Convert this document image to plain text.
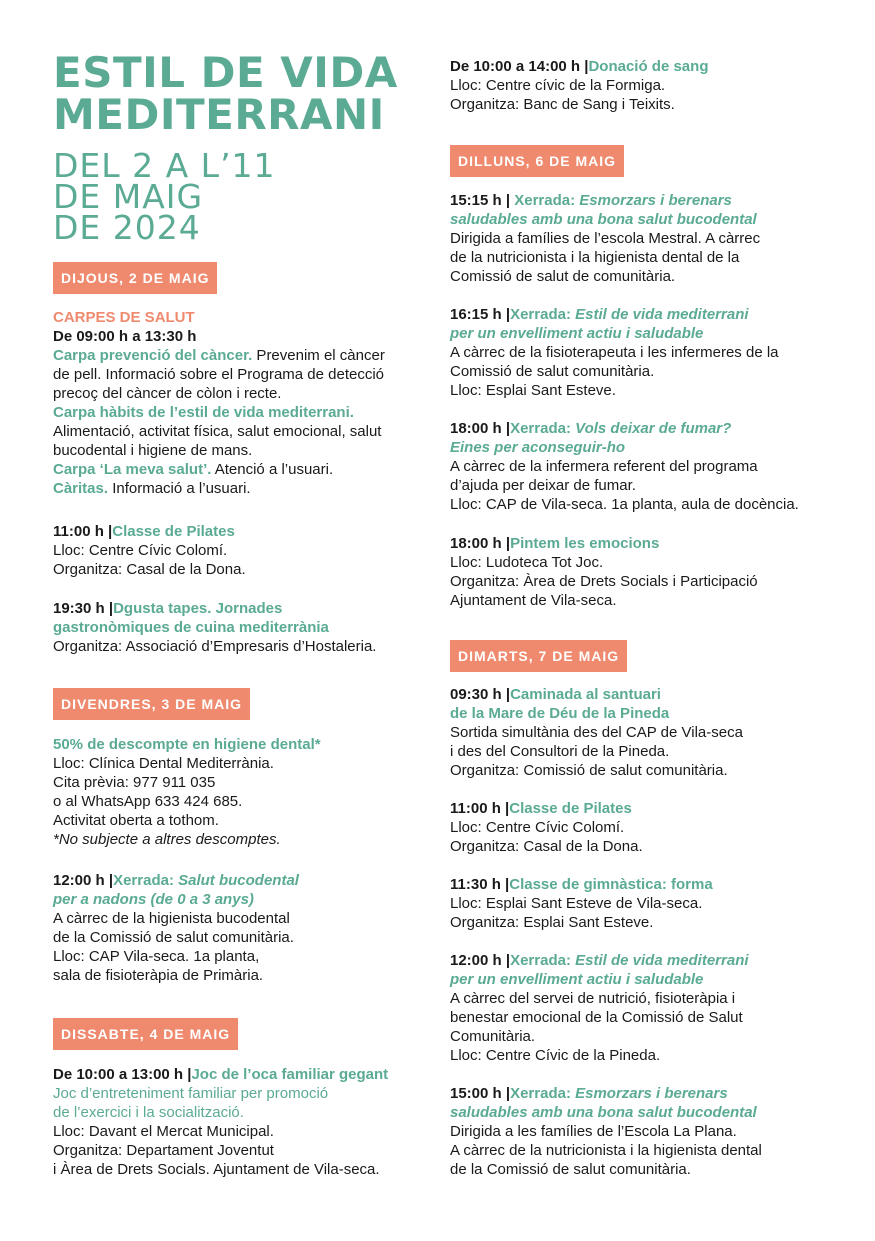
ESTIL DE VIDA
MEDITERRANI
DEL 2 A L’11
DE MAIG
DE 2024
DIJOUS, 2 DE MAIG
CARPES DE SALUT
De 09:00 h a 13:30 h
Carpa prevenció del càncer. Prevenim el càncer
de pell. Informació sobre el Programa de detecció
precoç del càncer de còlon i recte.
Carpa hàbits de l’estil de vida mediterrani.
Alimentació, activitat física, salut emocional, salut
bucodental i higiene de mans.
Carpa ‘La meva salut’. Atenció a l’usuari.
Càritas. Informació a l’usuari.
11:00 h |Classe de Pilates
Lloc: Centre Cívic Colomí.
Organitza: Casal de la Dona.
19:30 h |Dgusta tapes. Jornades
gastronòmiques de cuina mediterrània
Organitza: Associació d’Empresaris d’Hostaleria.
DIVENDRES, 3 DE MAIG
50% de descompte en higiene dental*
Lloc: Clínica Dental Mediterrània.
Cita prèvia: 977 911 035
o al WhatsApp 633 424 685.
Activitat oberta a tothom.
*No subjecte a altres descomptes.
12:00 h |Xerrada: Salut bucodental
per a nadons (de 0 a 3 anys)
A càrrec de la higienista bucodental
de la Comissió de salut comunitària.
Lloc: CAP Vila-seca. 1a planta,
sala de fisioteràpia de Primària.
DISSABTE, 4 DE MAIG
De 10:00 a 13:00 h |Joc de l’oca familiar gegant
Joc d’entreteniment familiar per promoció
de l’exercici i la socialització.
Lloc: Davant el Mercat Municipal.
Organitza: Departament Joventut
i Àrea de Drets Socials. Ajuntament de Vila-seca.
De 10:00 a 14:00 h |Donació de sang
Lloc: Centre cívic de la Formiga.
Organitza: Banc de Sang i Teixits.
DILLUNS, 6 DE MAIG
15:15 h | Xerrada: Esmorzars i berenars
saludables amb una bona salut bucodental
Dirigida a famílies de l’escola Mestral. A càrrec
de la nutricionista i la higienista dental de la
Comissió de salut de comunitària.
16:15 h |Xerrada: Estil de vida mediterrani
per un envelliment actiu i saludable
A càrrec de la fisioterapeuta i les infermeres de la
Comissió de salut comunitària.
Lloc: Esplai Sant Esteve.
18:00 h |Xerrada: Vols deixar de fumar?
Eines per aconseguir-ho
A càrrec de la infermera referent del programa
d’ajuda per deixar de fumar.
Lloc: CAP de Vila-seca. 1a planta, aula de docència.
18:00 h |Pintem les emocions
Lloc: Ludoteca Tot Joc.
Organitza: Àrea de Drets Socials i Participació
Ajuntament de Vila-seca.
DIMARTS, 7 DE MAIG
09:30 h |Caminada al santuari
de la Mare de Déu de la Pineda
Sortida simultània des del CAP de Vila-seca
i des del Consultori de la Pineda.
Organitza: Comissió de salut comunitària.
11:00 h |Classe de Pilates
Lloc: Centre Cívic Colomí.
Organitza: Casal de la Dona.
11:30 h |Classe de gimnàstica: forma
Lloc: Esplai Sant Esteve de Vila-seca.
Organitza: Esplai Sant Esteve.
12:00 h |Xerrada: Estil de vida mediterrani
per un envelliment actiu i saludable
A càrrec del servei de nutrició, fisioteràpia i
benestar emocional de la Comissió de Salut
Comunitària.
Lloc: Centre Cívic de la Pineda.
15:00 h |Xerrada: Esmorzars i berenars
saludables amb una bona salut bucodental
Dirigida a les famílies de l’Escola La Plana.
A càrrec de la nutricionista i la higienista dental
de la Comissió de salut comunitària.
